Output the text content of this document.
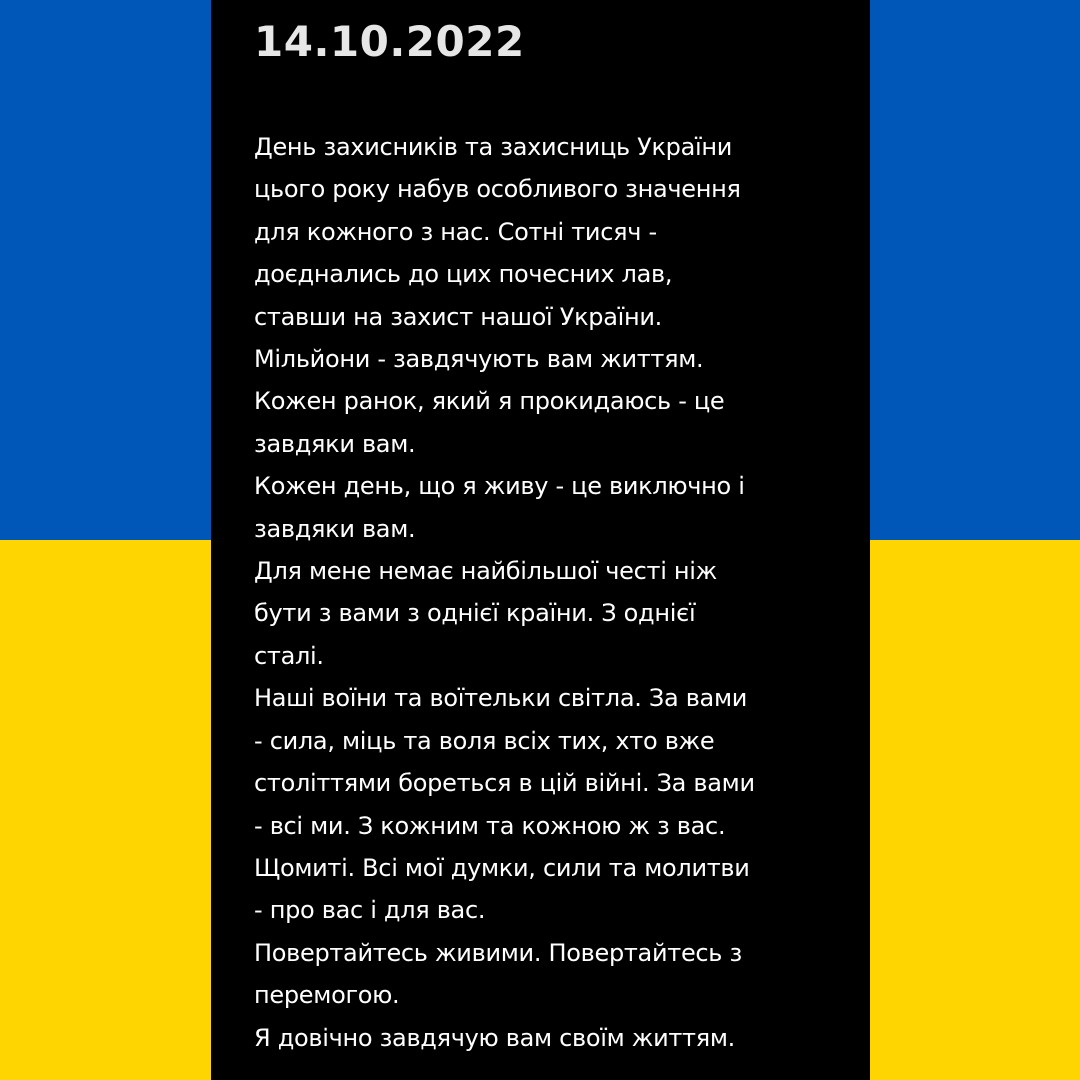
14.10.2022
День захисників та захисниць України
цього року набув особливого значення
для кожного з нас. Сотні тисяч -
доєднались до цих почесних лав,
ставши на захист нашої України.
Мільйони - завдячують вам життям.
Кожен ранок, який я прокидаюсь - це
завдяки вам.
Кожен день, що я живу - це виключно і
завдяки вам.
Для мене немає найбільшої честі ніж
бути з вами з однієї країни. З однієї
сталі.
Наші воїни та воїтельки світла. За вами
- сила, міць та воля всіх тих, хто вже
століттями бореться в цій війні. За вами
- всі ми. З кожним та кожною ж з вас.
Щомиті. Всі мої думки, сили та молитви
- про вас і для вас.
Повертайтесь живими. Повертайтесь з
перемогою.
Я довічно завдячую вам своїм життям.
